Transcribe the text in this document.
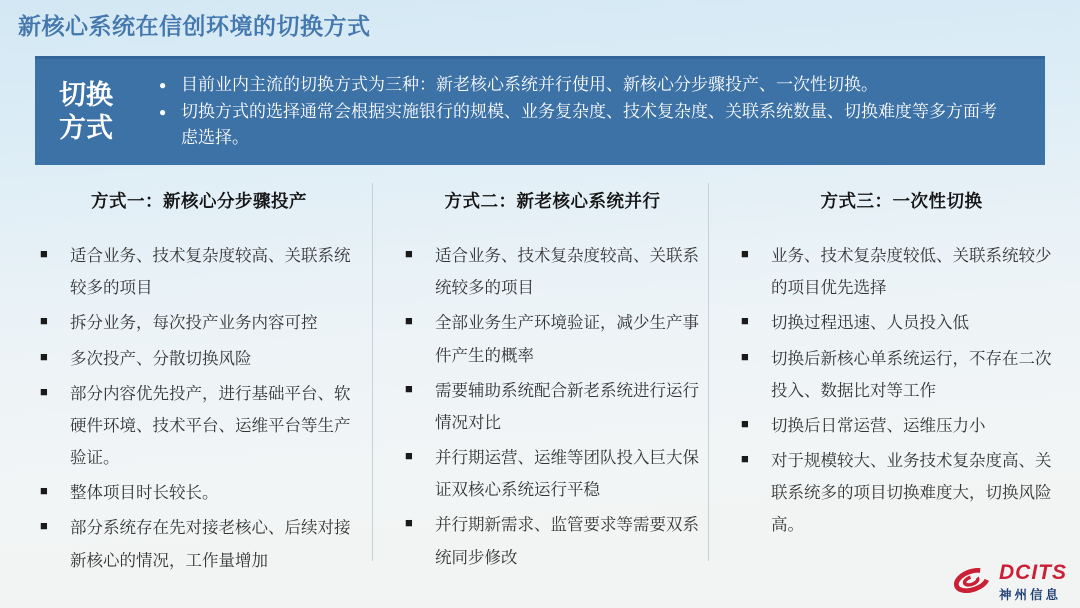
新核心系统在信创环境的切换方式
切换
方式
● 目前业内主流的切换方式为三种：新老核心系统并行使用、新核心分步骤投产、一次性切换。
● 切换方式的选择通常会根据实施银行的规模、业务复杂度、技术复杂度、关联系统数量、切换难度等多方面考虑选择。
方式一：新核心分步骤投产
■	适合业务、技术复杂度较高、关联系统较多的项目
■	拆分业务，每次投产业务内容可控
■	多次投产、分散切换风险
■	部分内容优先投产，进行基础平台、软硬件环境、技术平台、运维平台等生产验证。
■	整体项目时长较长。
■	部分系统存在先对接老核心、后续对接新核心的情况，工作量增加
方式二：新老核心系统并行
■	适合业务、技术复杂度较高、关联系统较多的项目
■	全部业务生产环境验证，减少生产事件产生的概率
■	需要辅助系统配合新老系统进行运行情况对比
■	并行期运营、运维等团队投入巨大保证双核心系统运行平稳
■	并行期新需求、监管要求等需要双系统同步修改
方式三：一次性切换
■	业务、技术复杂度较低、关联系统较少的项目优先选择
■	切换过程迅速、人员投入低
■	切换后新核心单系统运行，不存在二次投入、数据比对等工作
■	切换后日常运营、运维压力小
■	对于规模较大、业务技术复杂度高、关联系统多的项目切换难度大，切换风险高。
DCITS
神州信息
